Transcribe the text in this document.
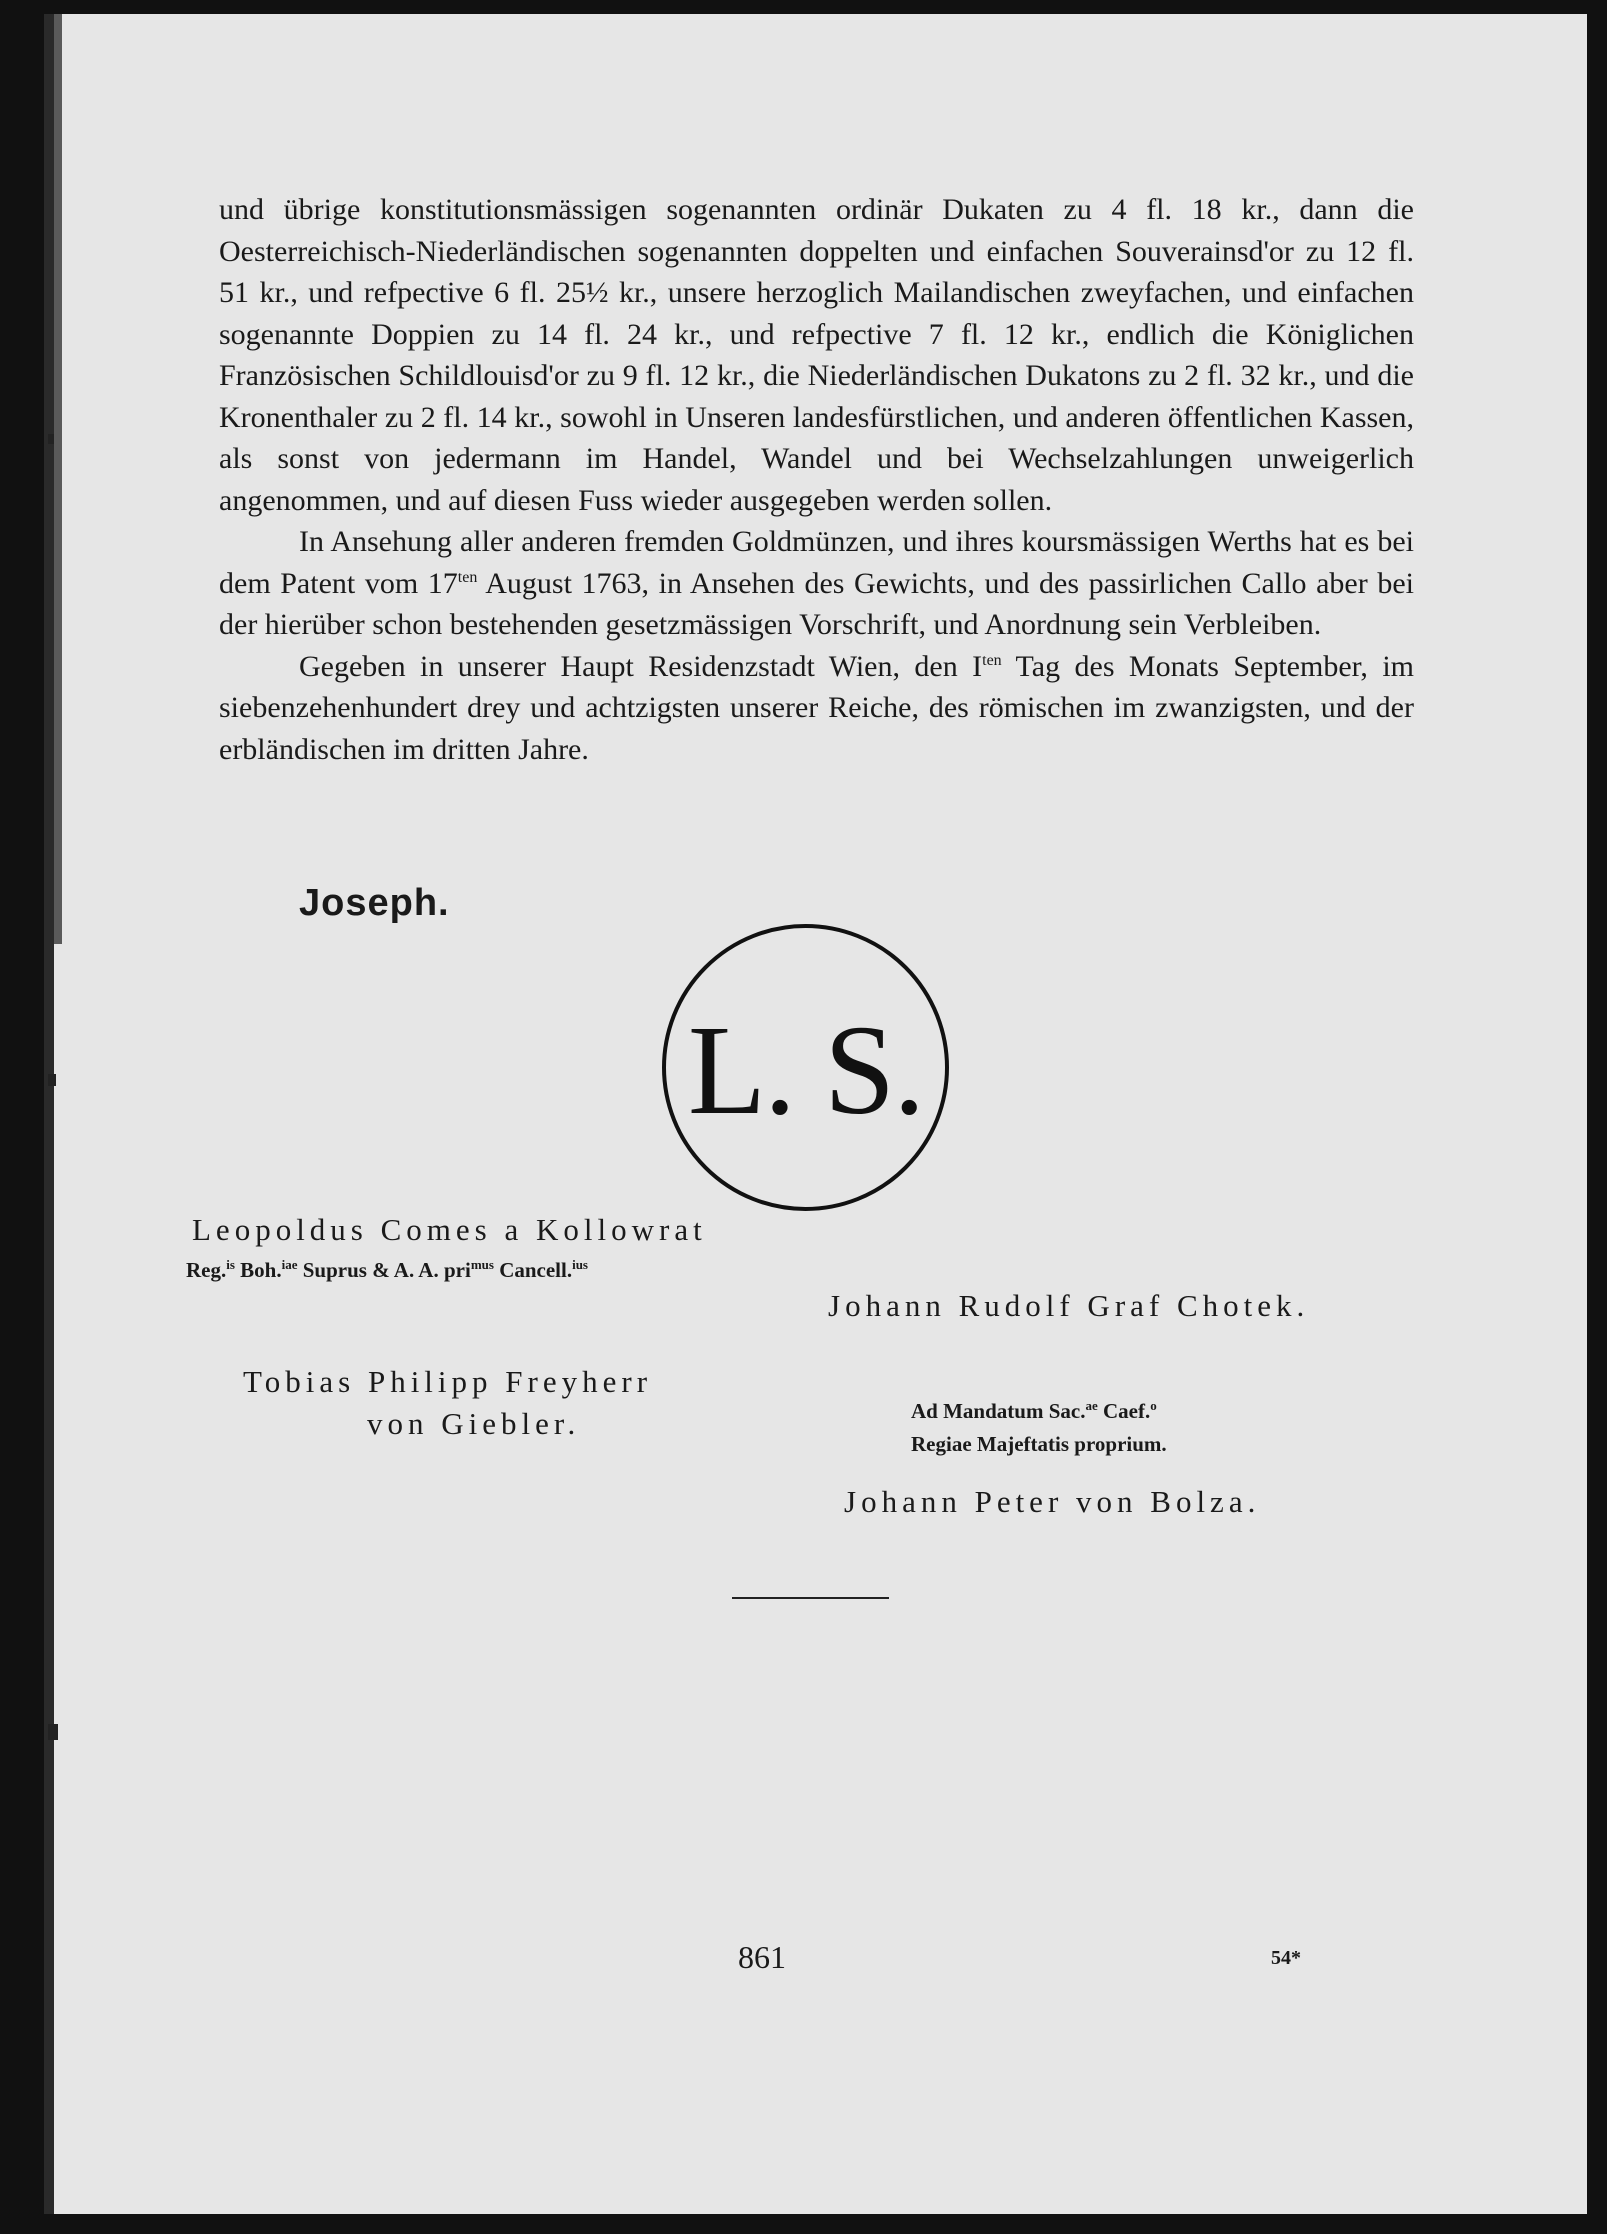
und übrige konstitutionsmässigen sogenannten ordinär Dukaten zu 4 fl. 18 kr., dann die Oesterreichisch-Niederländischen sogenannten doppelten und einfachen Souverainsd'or zu 12 fl. 51 kr., und refpective 6 fl. 25½ kr., unsere herzoglich Mailandischen zweyfachen, und einfachen sogenannte Doppien zu 14 fl. 24 kr., und refpective 7 fl. 12 kr., endlich die Königlichen Französischen Schildlouisd'or zu 9 fl. 12 kr., die Niederländischen Dukatons zu 2 fl. 32 kr., und die Kronenthaler zu 2 fl. 14 kr., sowohl in Unseren landesfürstlichen, und anderen öffentlichen Kassen, als sonst von jedermann im Handel, Wandel und bei Wechselzahlungen unweigerlich angenommen, und auf diesen Fuss wieder ausgegeben werden sollen.

In Ansehung aller anderen fremden Goldmünzen, und ihres koursmässigen Werths hat es bei dem Patent vom $17^{ten}$ August 1763, in Ansehen des Gewichts, und des passirlichen Callo aber bei der hierüber schon bestehenden gesetzmässigen Vorschrift, und Anordnung sein Verbleiben.

Gegeben in unserer Haupt Residenzstadt Wien, den $I^{ten}$ Tag des Monats September, im siebenzehenhundert drey und achtzigsten unserer Reiche, des römischen im zwanzigsten, und der erbländischen im dritten Jahre.

Joseph.
L. S.
Leopoldus Comes a Kollowrat
Reg.$^{is}$ Boh.$^{iae}$ Suprus & A. A. pri$^{mus}$ Cancell.$^{ius}$
Johann Rudolf Graf Chotek.
Tobias Philipp Freyherr
von Giebler.	Ad Mandatum Sac.$^{ae}$ Caef.$^o$
Regiae Majeftatis proprium.
Johann Peter von Bolza.
861	54*
